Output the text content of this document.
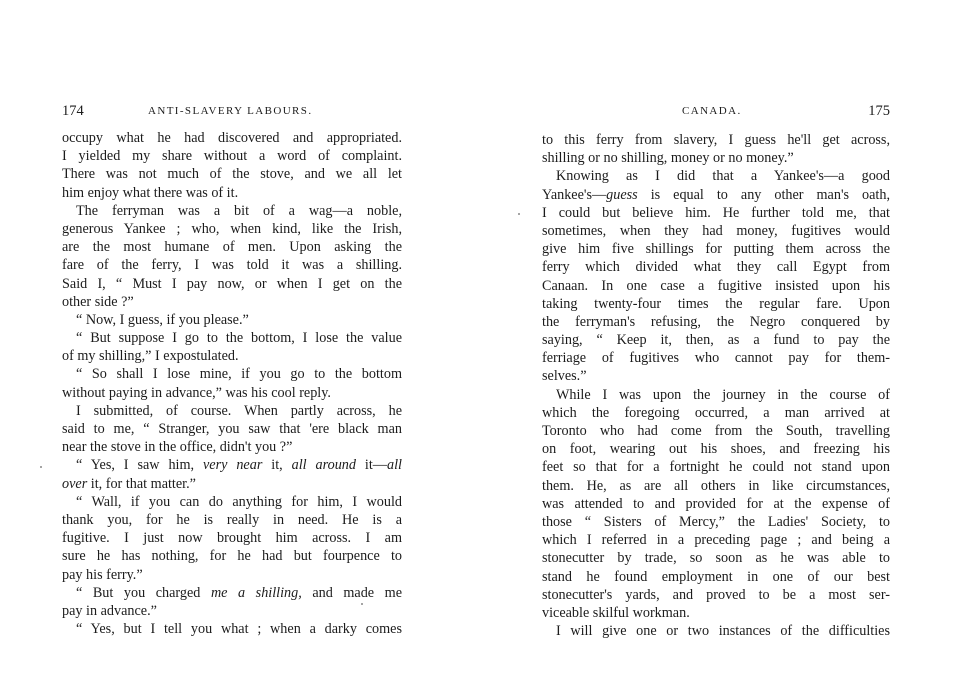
174	ANTI-SLAVERY LABOURS.
occupy what he had discovered and appropriated.
I yielded my share without a word of complaint.
There was not much of the stove, and we all let
him enjoy what there was of it.
The ferryman was a bit of a wag—a noble,
generous Yankee ; who, when kind, like the Irish,
are the most humane of men. Upon asking the
fare of the ferry, I was told it was a shilling.
Said I, “ Must I pay now, or when I get on the
other side ?”
“ Now, I guess, if you please.”
“ But suppose I go to the bottom, I lose the value
of my shilling,” I expostulated.
“ So shall I lose mine, if you go to the bottom
without paying in advance,” was his cool reply.
I submitted, of course. When partly across, he
said to me, “ Stranger, you saw that 'ere black man
near the stove in the office, didn't you ?”
“ Yes, I saw him, very near it, all around it—all
over it, for that matter.”
“ Wall, if you can do anything for him, I would
thank you, for he is really in need. He is a
fugitive. I just now brought him across. I am
sure he has nothing, for he had but fourpence to
pay his ferry.”
“ But you charged me a shilling, and made me
pay in advance.”
“ Yes, but I tell you what ; when a darky comes
CANADA.	175
to this ferry from slavery, I guess he'll get across,
shilling or no shilling, money or no money.”
Knowing as I did that a Yankee's—a good
Yankee's—guess is equal to any other man's oath,
I could but believe him. He further told me, that
sometimes, when they had money, fugitives would
give him five shillings for putting them across the
ferry which divided what they call Egypt from
Canaan. In one case a fugitive insisted upon his
taking twenty-four times the regular fare. Upon
the ferryman's refusing, the Negro conquered by
saying, “ Keep it, then, as a fund to pay the
ferriage of fugitives who cannot pay for them-
selves.”
While I was upon the journey in the course of
which the foregoing occurred, a man arrived at
Toronto who had come from the South, travelling
on foot, wearing out his shoes, and freezing his
feet so that for a fortnight he could not stand upon
them. He, as are all others in like circumstances,
was attended to and provided for at the expense of
those “ Sisters of Mercy,” the Ladies' Society, to
which I referred in a preceding page ; and being a
stonecutter by trade, so soon as he was able to
stand he found employment in one of our best
stonecutter's yards, and proved to be a most ser-
viceable skilful workman.
I will give one or two instances of the difficulties
